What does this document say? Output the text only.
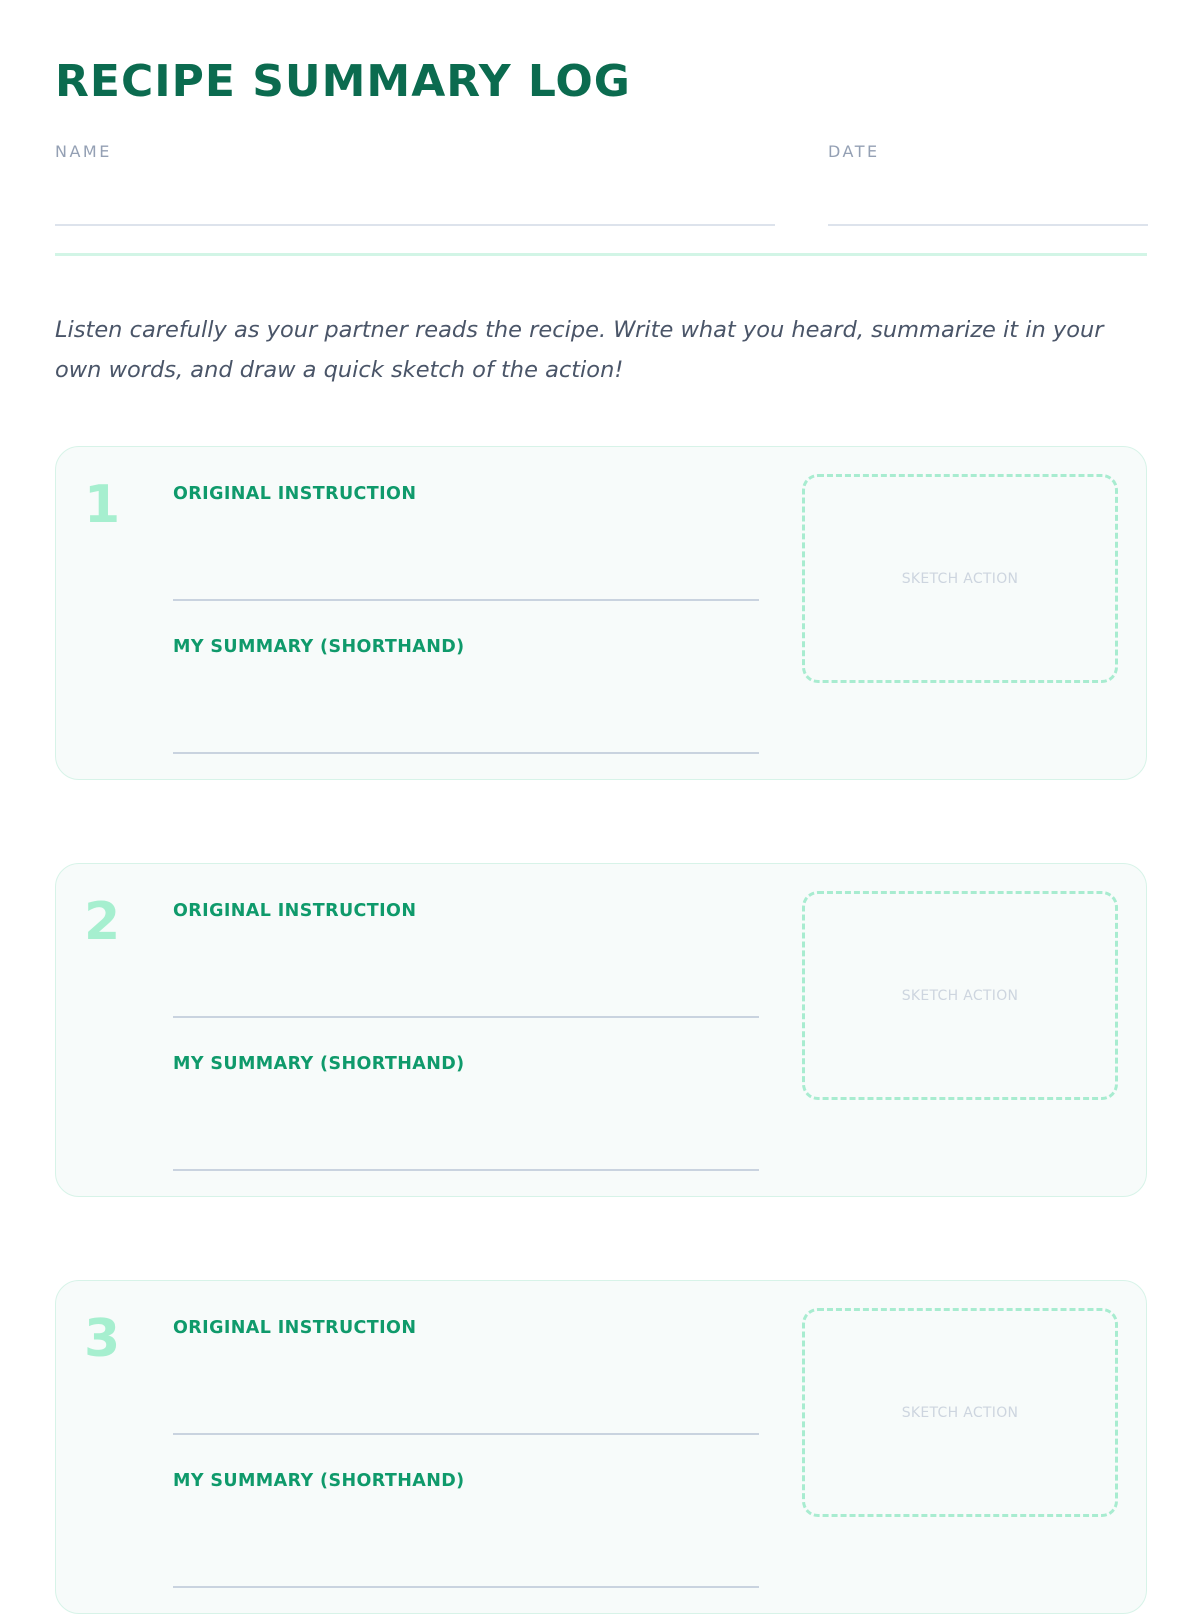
RECIPE SUMMARY LOG
NAME	DATE

Listen carefully as your partner reads the recipe. Write what you heard, summarize it in your own words, and draw a quick sketch of the action!

1	ORIGINAL INSTRUCTION
MY SUMMARY (SHORTHAND)
SKETCH ACTION
2	ORIGINAL INSTRUCTION
MY SUMMARY (SHORTHAND)
SKETCH ACTION
3	ORIGINAL INSTRUCTION
MY SUMMARY (SHORTHAND)
SKETCH ACTION
